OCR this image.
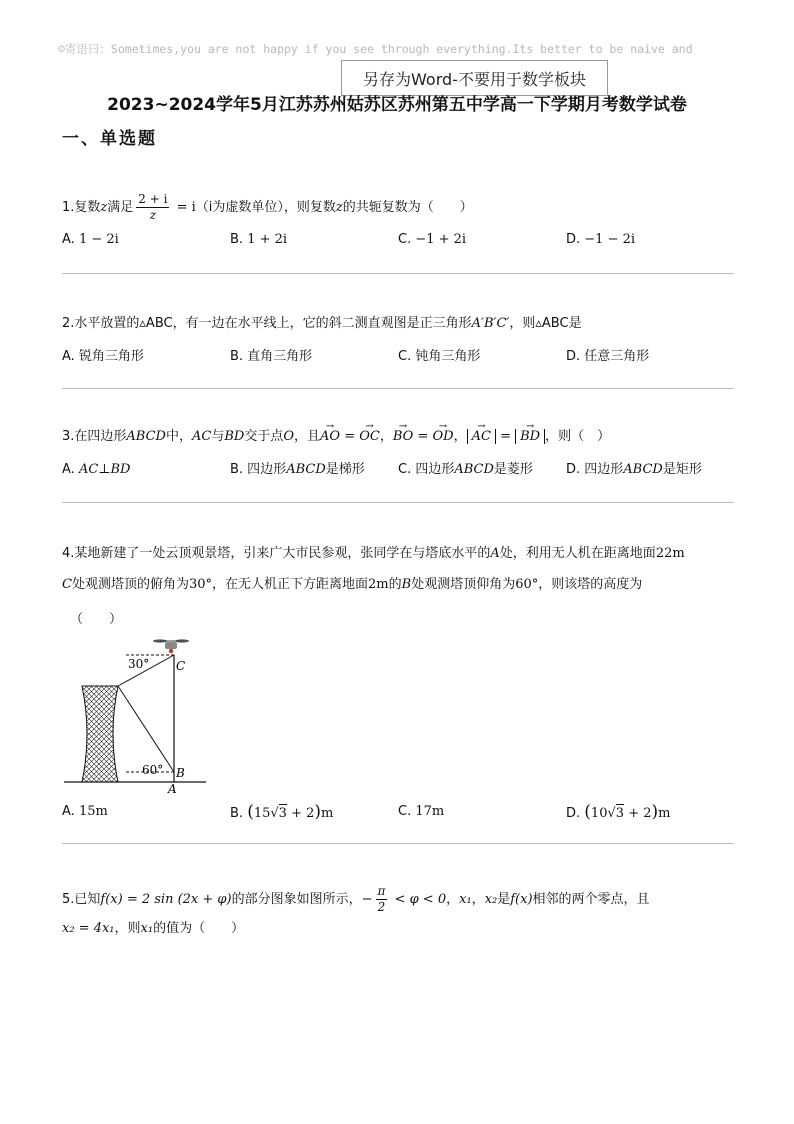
☺寄语曰：Sometimes,you are not happy if you see through everything.Its better to be naive and
另存为Word-不要用于数学板块
2023~2024学年5月江苏苏州姑苏区苏州第五中学高一下学期月考数学试卷
一、单选题
1.复数z满足 $\frac{2 + i}{z} = i(i$为虚数单位），则复数z的共轭复数为（　　）
A. 1 − 2i	B. 1 + 2i	C. −1 + 2i	D. −1 − 2i
2.水平放置的▵ABC，有一边在水平线上，它的斜二测直观图是正三角形A′B′C′，则▵ABC是
A. 锐角三角形	B. 直角三角形	C. 钝角三角形	D. 任意三角形
3.在四边形ABCD中，AC与BD交于点O，且→ AO = → OC，→ BO = → OD，→ AC = → BD ，则（　）
A. AC⊥BD	B. 四边形ABCD是梯形	C. 四边形ABCD是菱形	D. 四边形ABCD是矩形
4.某地新建了一处云顶观景塔，引来广大市民参观，张同学在与塔底水平的A处，利用无人机在距离地面22m
C处观测塔顶的俯角为30°，在无人机正下方距离地面2m的B处观测塔顶仰角为60°，则该塔的高度为
（　　）
30°
60°
C
B
A
A. 15m	B. (15√3 + 2)m	C. 17m	D. (10√3 + 2)m
5.已知f(x) = 2 sin (2x + φ)的部分图象如图所示，− $\frac{\pi}{2} < \varphi < 0$，x₁，x₂是f(x)相邻的两个零点，且
x₂ = 4x₁，则x₁的值为（　　）
